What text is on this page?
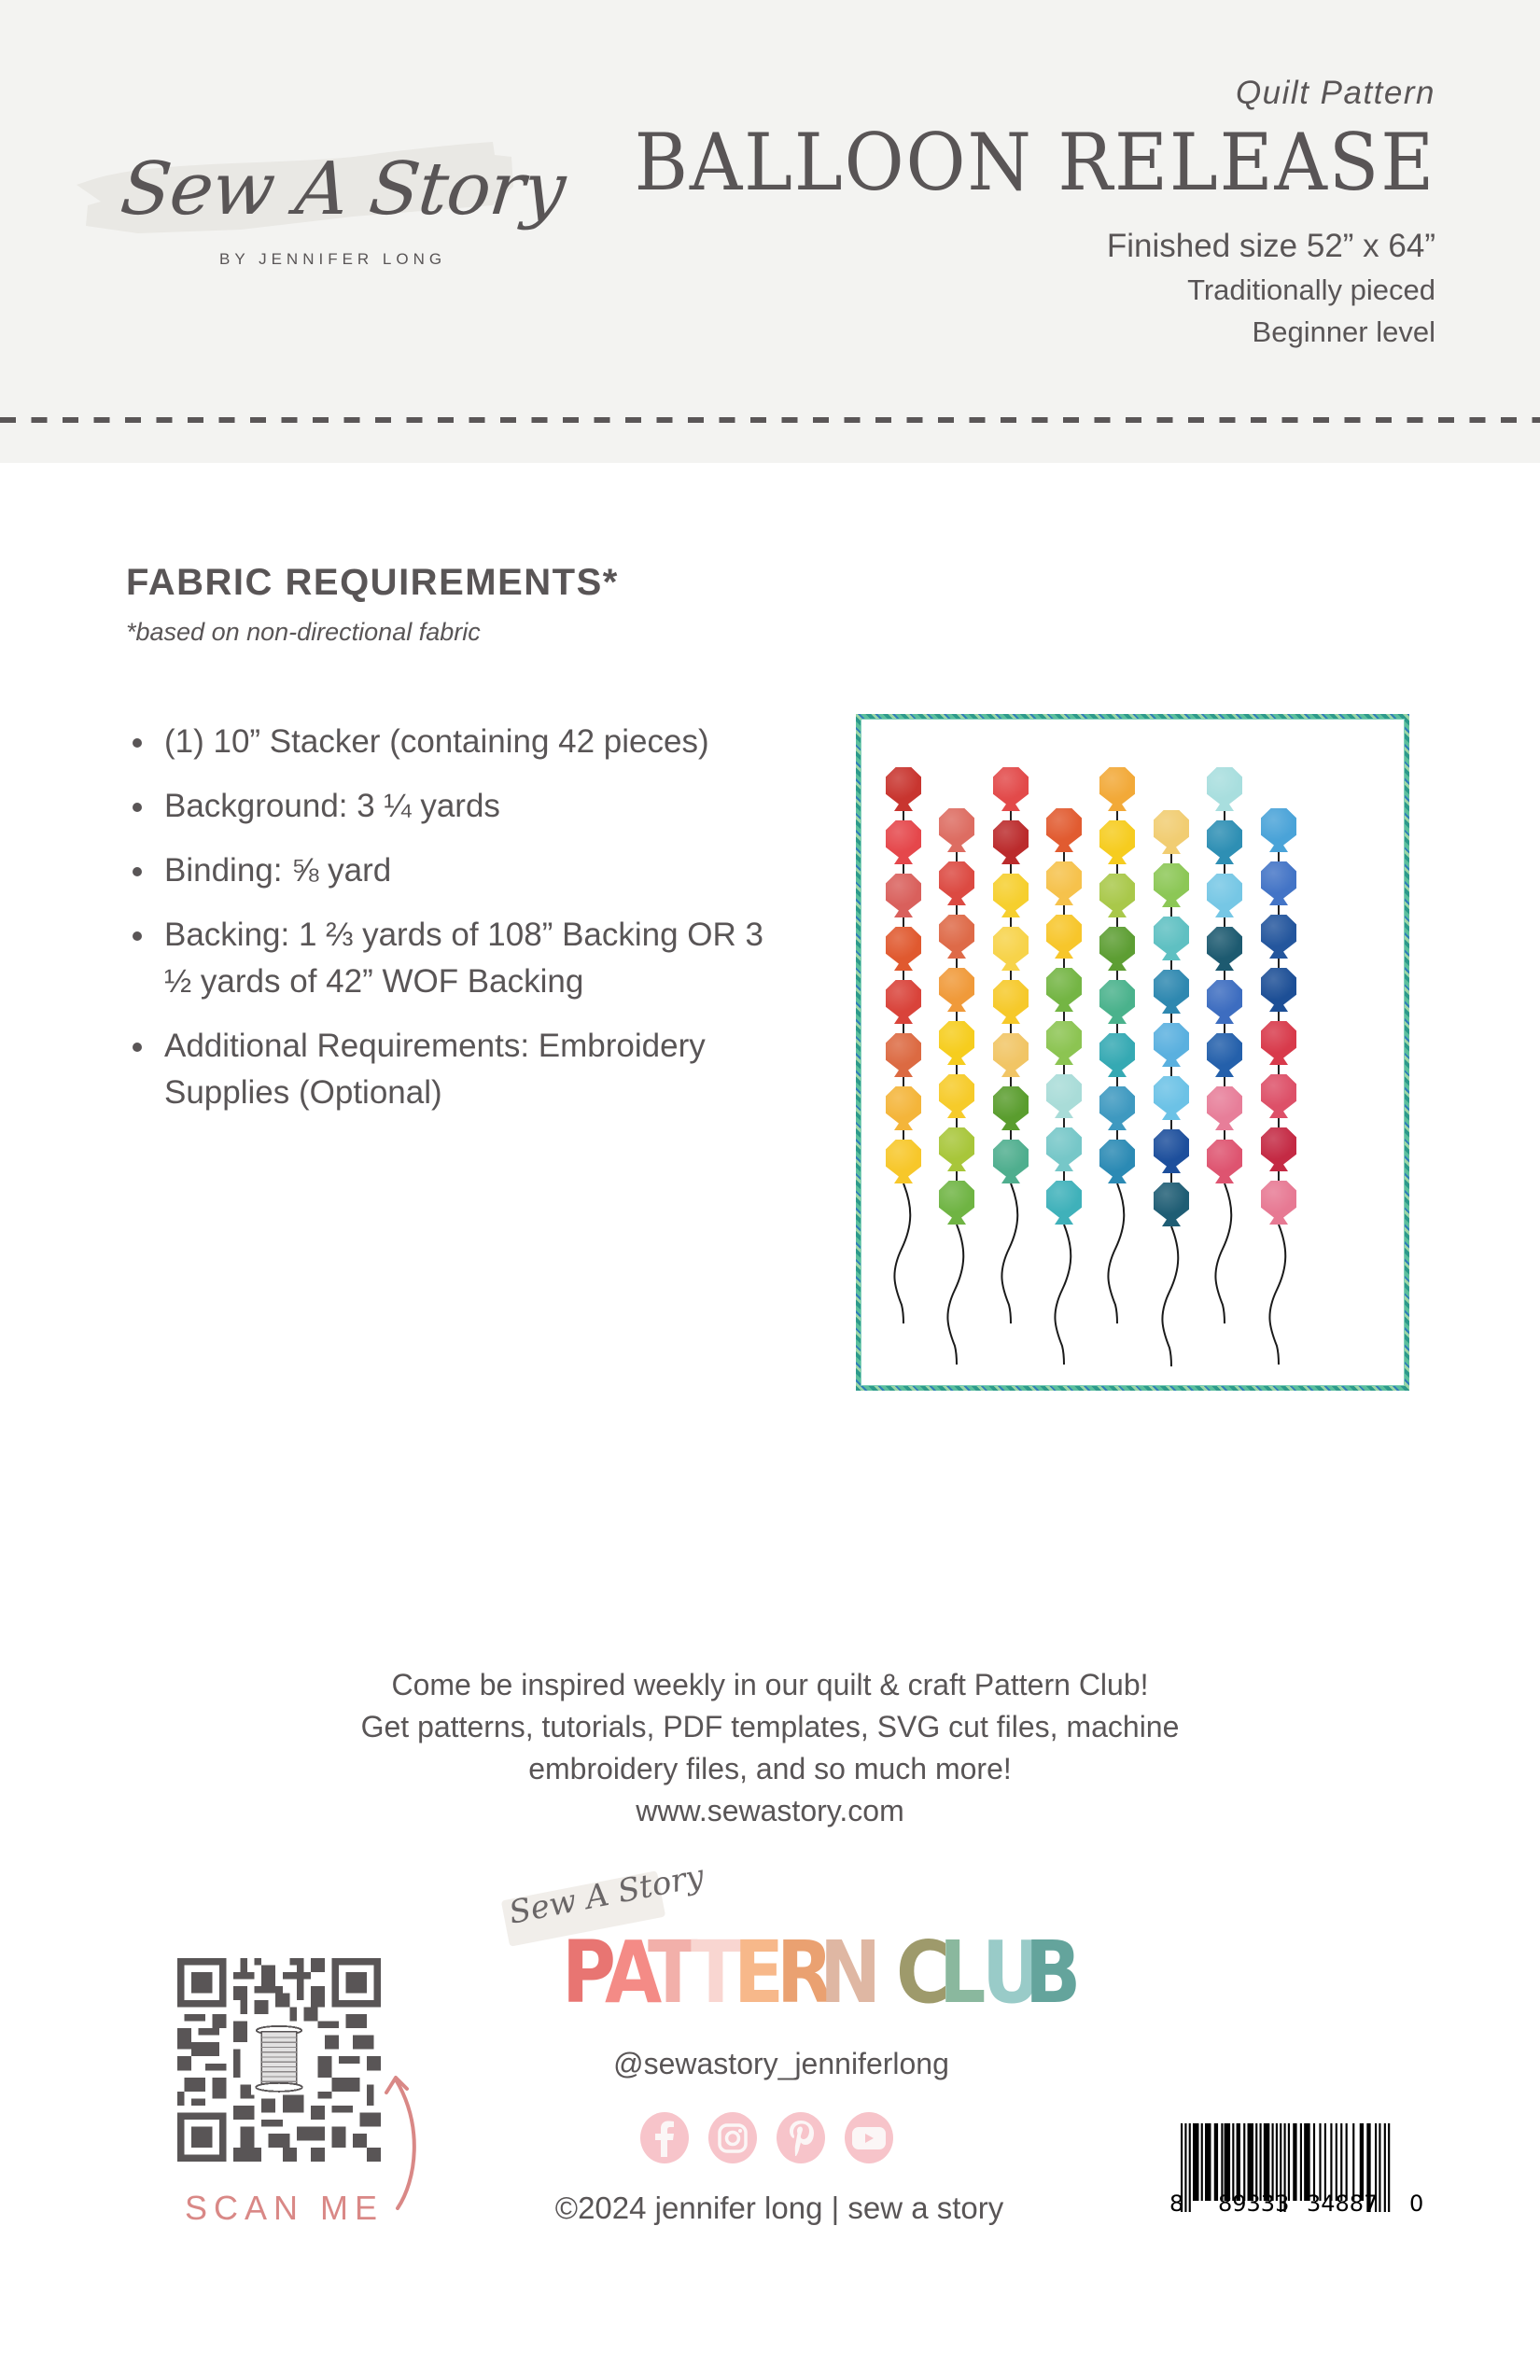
Sew A Story
BY JENNIFER LONG
Quilt Pattern
BALLOON RELEASE
Finished size 52” x 64”
Traditionally pieced
Beginner level
FABRIC REQUIREMENTS*
*based on non-directional fabric
(1) 10” Stacker (containing 42 pieces)
Background: 3 ¼ yards
Binding: ⅝ yard
Backing: 1 ⅔ yards of 108” Backing OR 3 ½ yards of 42” WOF Backing
Additional Requirements: Embroidery Supplies (Optional)
Come be inspired weekly in our quilt & craft Pattern Club!
Get patterns, tutorials, PDF templates, SVG cut files, machine
embroidery files, and so much more!
www.sewastory.com
Sew A Story
P
A
T
T
E
R
N C
L
U
B
@sewastory_jenniferlong
©2024 jennifer long | sew a story
SCAN ME	8 89333 34887 0
